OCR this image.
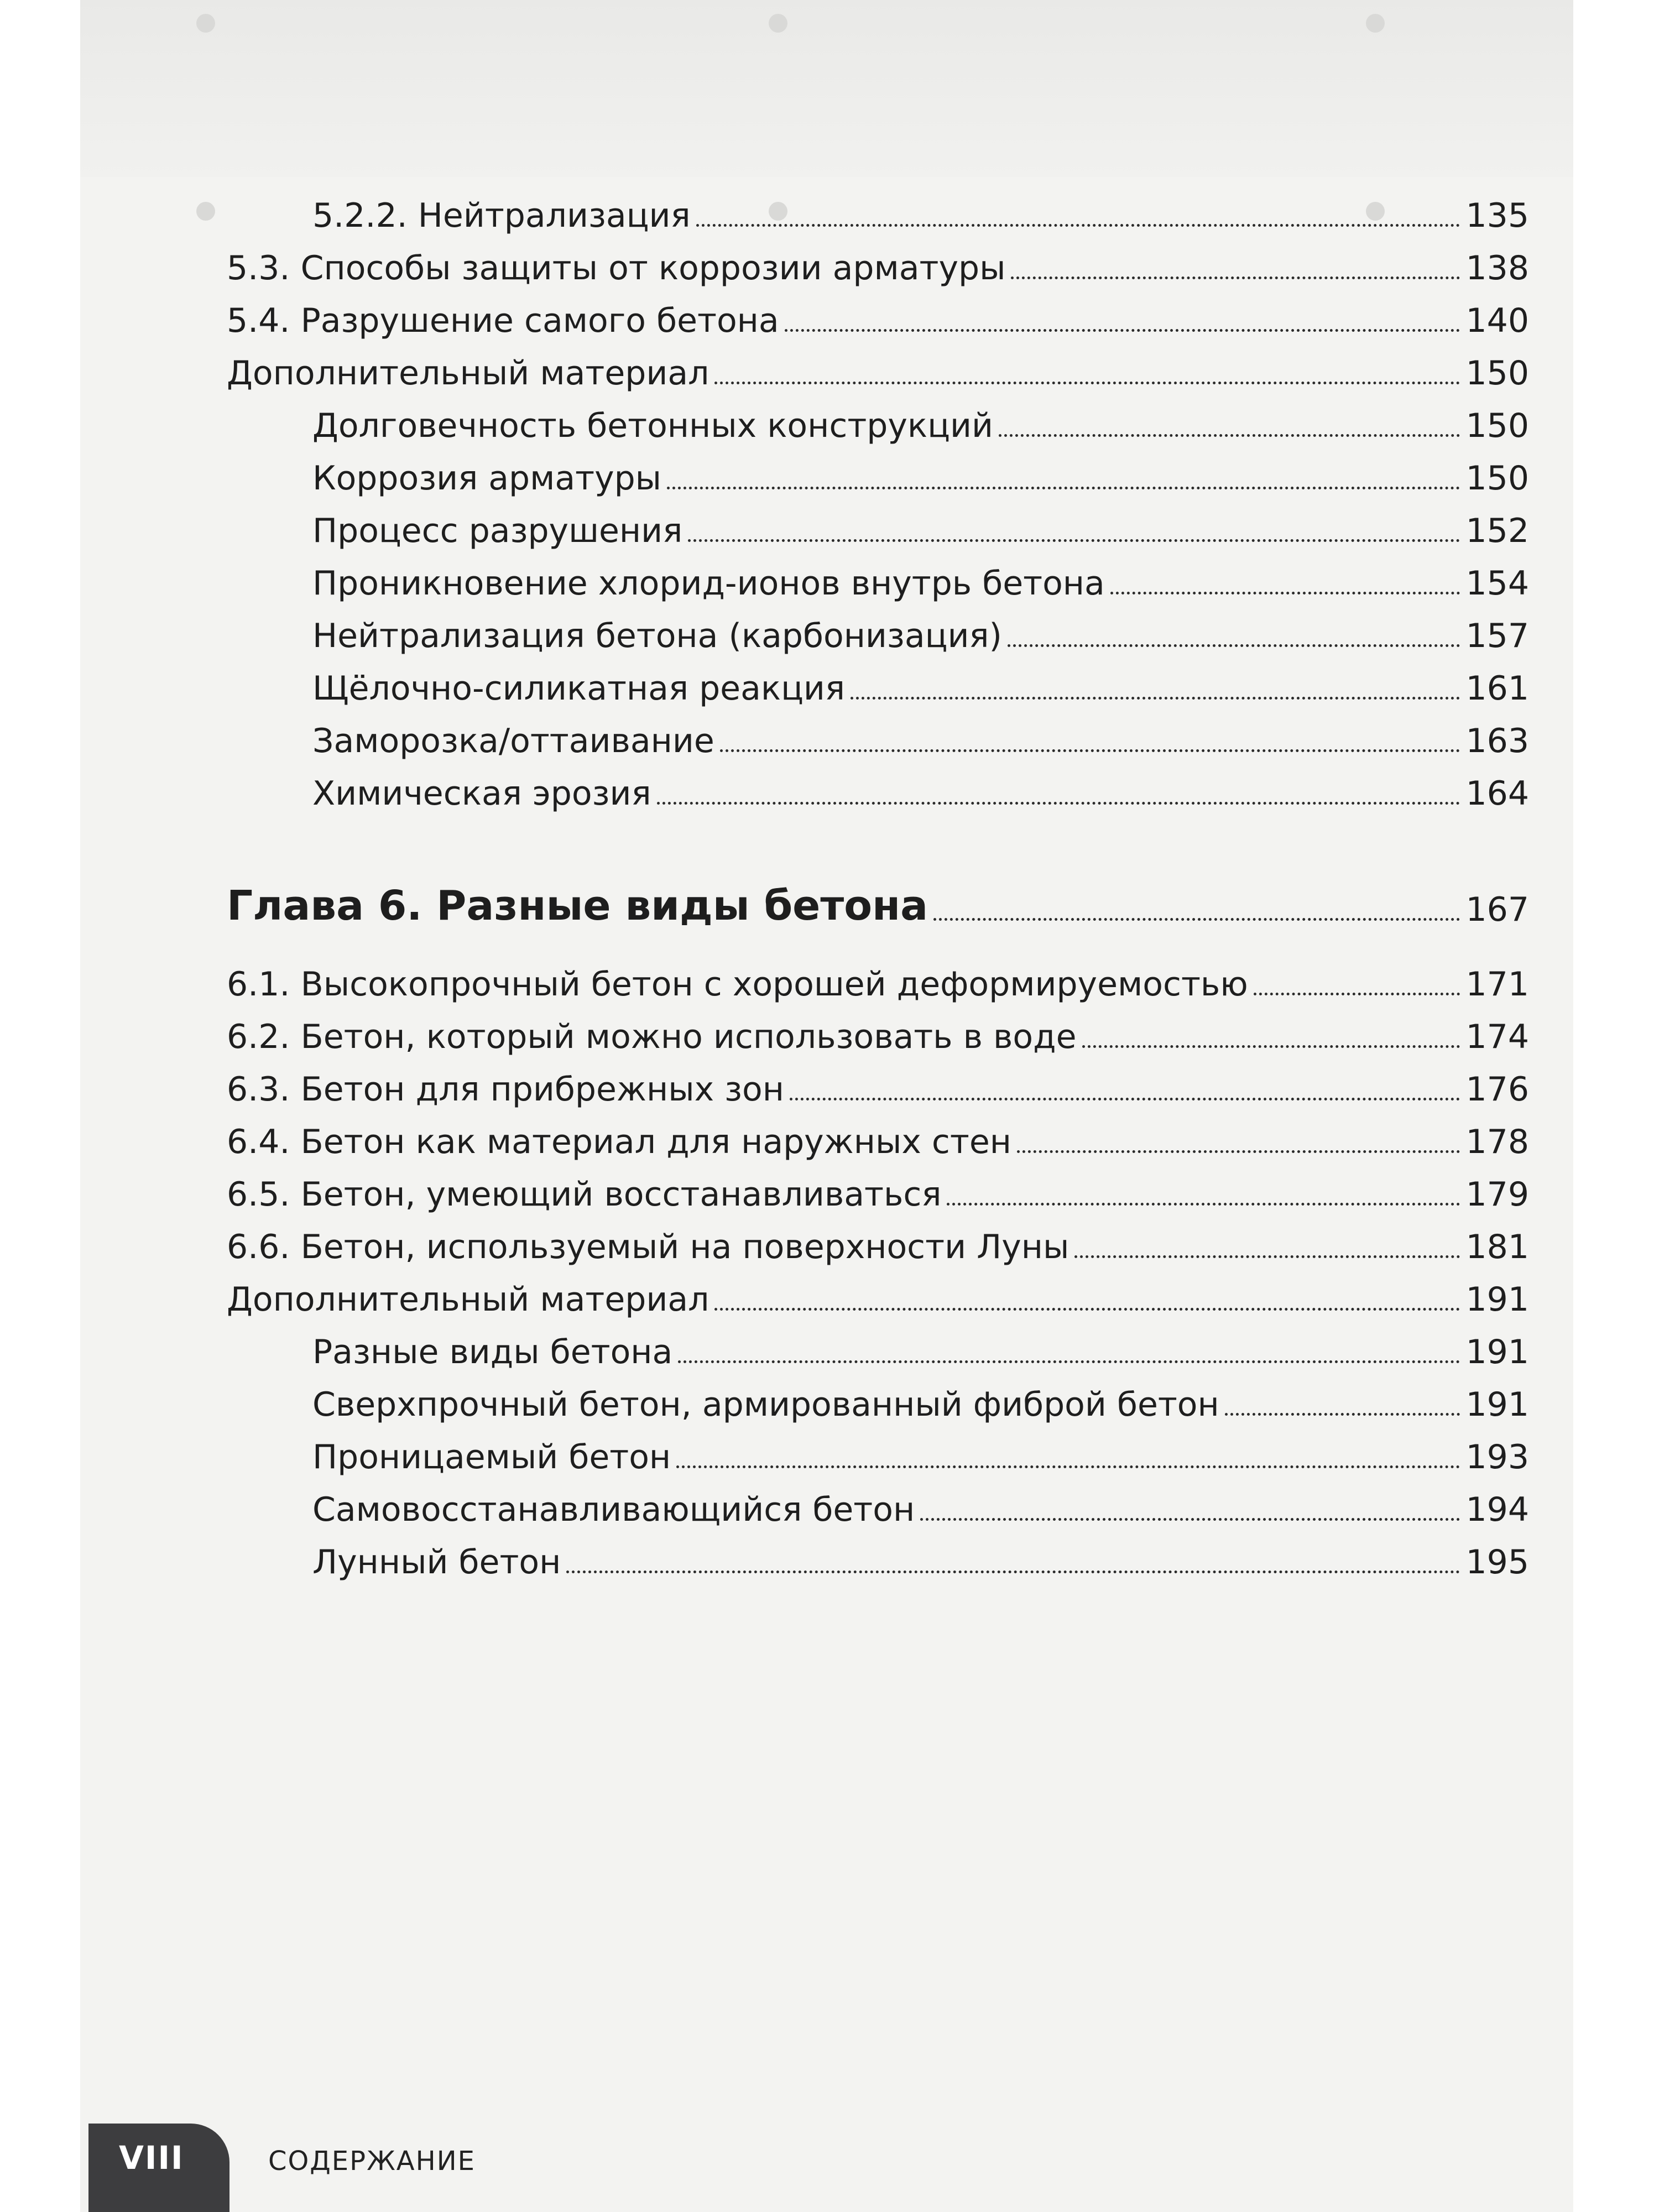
5.2.2. Нейтрализация	135
5.3. Способы защиты от коррозии арматуры	138
5.4. Разрушение самого бетона	140
Дополнительный материал	150
Долговечность бетонных конструкций	150
Коррозия арматуры	150
Процесс разрушения	152
Проникновение хлорид-ионов внутрь бетона	154
Нейтрализация бетона (карбонизация)	157
Щёлочно-силикатная реакция	161
Заморозка/оттаивание	163
Химическая эрозия	164
Глава 6. Разные виды бетона	167
6.1. Высокопрочный бетон с хорошей деформируемостью	171
6.2. Бетон, который можно использовать в воде	174
6.3. Бетон для прибрежных зон	176
6.4. Бетон как материал для наружных стен	178
6.5. Бетон, умеющий восстанавливаться	179
6.6. Бетон, используемый на поверхности Луны	181
Дополнительный материал	191
Разные виды бетона	191
Сверхпрочный бетон, армированный фиброй бетон	191
Проницаемый бетон	193
Самовосстанавливающийся бетон	194
Лунный бетон	195
VIII	СОДЕРЖАНИЕ
